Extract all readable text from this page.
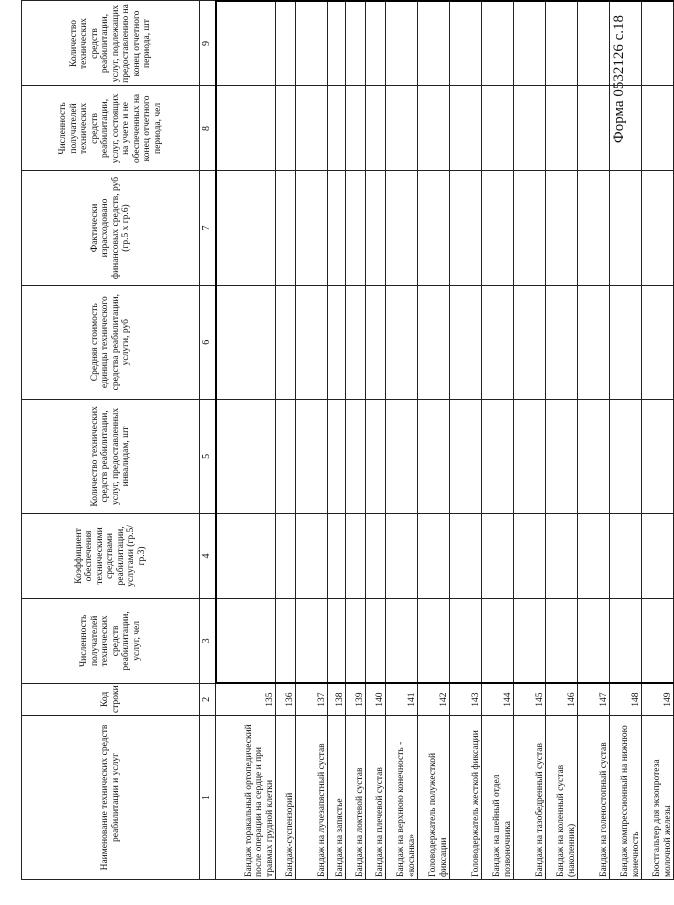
Форма 0532126 с.18
Наименование технических средств реабилитации и услуг	Код строки	Численность получателей технических средств реабилитации, услуг, чел	Коэффициент обеспечения техническими средствами реабилитации, услугами (гр.5/гр.3)	Количество технических средств реабилитации, услуг, предоставленных инвалидам, шт	Средняя стоимость единицы технического средства реабилитации, услуги, руб	Фактически израсходовано финансовых средств, руб (гр.5 х гр.6)	Численность получателей технических средств реабилитации, услуг, состоящих на учете и не обеспеченных на конец отчетного периода, чел	Количество технических средств реабилитации, услуг, подлежащих предоставлению на конец отчетного периода, шт
1	2	3	4	5	6	7	8	9
Бандаж торакальный ортопедический после операции на сердце и при травмах грудной клетки	135							
Бандаж-суспензорий	136							
Бандаж на лучезапястный сустав	137							
Бандаж на запястье	138							
Бандаж на локтевой сустав	139							
Бандаж на плечевой сустав	140							
Бандаж на верхнюю конечность - «косынка»	141							
Головодержатель полужесткой фиксации	142							
Головодержатель жесткой фиксации	143							
Бандаж на шейный отдел позвоночника	144							
Бандаж на тазобедренный сустав	145							
Бандаж на коленный сустав (наколенник)	146							
Бандаж на голеностопный сустав	147							
Бандаж компрессионный на нижнюю конечность	148							
Бюстгальтер для экзопротеза молочной железы	149							
